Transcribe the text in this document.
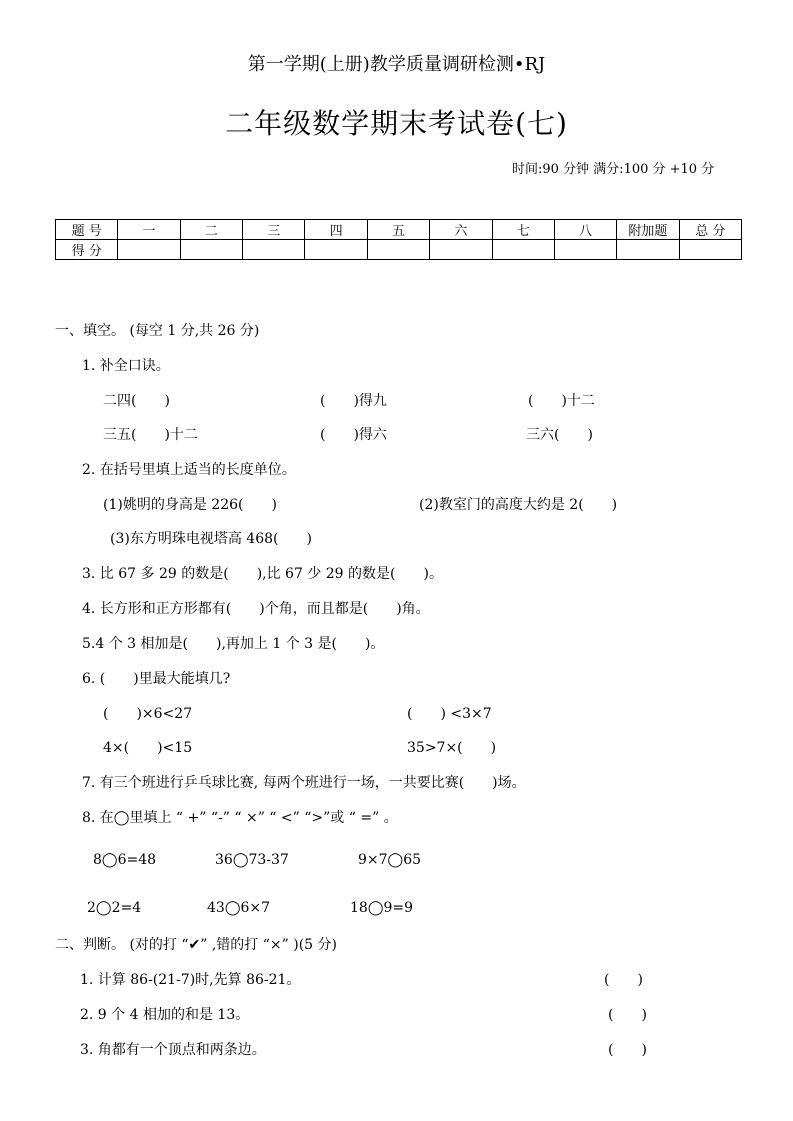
第一学期(上册)教学质量调研检测•RJ
二年级数学期末考试卷(七)
时间:90 分钟 满分:100 分 +10 分
题 号	一	二	三	四	五	六	七	八	附加题	总 分
得 分										
一、填空。 (每空 1 分,共 26 分)
1. 补全口诀。
二四(　　)	(　　)得九	(　　)十二
三五(　　)十二	(　　)得六	三六(　　)
2. 在括号里填上适当的长度单位。
(1)姚明的身高是 226(　　)	(2)教室门的高度大约是 2(　　)
(3)东方明珠电视塔高 468(　　)
3. 比 67 多 29 的数是(　　),比 67 少 29 的数是(　　)。
4. 长方形和正方形都有(　　)个角，而且都是(　　)角。
5.4 个 3 相加是(　　),再加上 1 个 3 是(　　)。
6. (　　)里最大能填几?
(　　)×6<27	(　　) <3×7
4×(　　)<15	35>7×(　　)
7. 有三个班进行乒乓球比赛, 每两个班进行一场，一共要比赛(　　)场。
8. 在◯里填上 “ +” “-” “ ×” “ <” “>”或 “ =” 。
8◯6=48	36◯73-37	9×7◯65
2◯2=4	43◯6×7	18◯9=9
二、判断。 (对的打 “✔” ,错的打 “×” )(5 分)
1. 计算 86-(21-7)时,先算 86-21。	(　　)
2. 9 个 4 相加的和是 13。	(　　)
3. 角都有一个顶点和两条边。	(　　)
